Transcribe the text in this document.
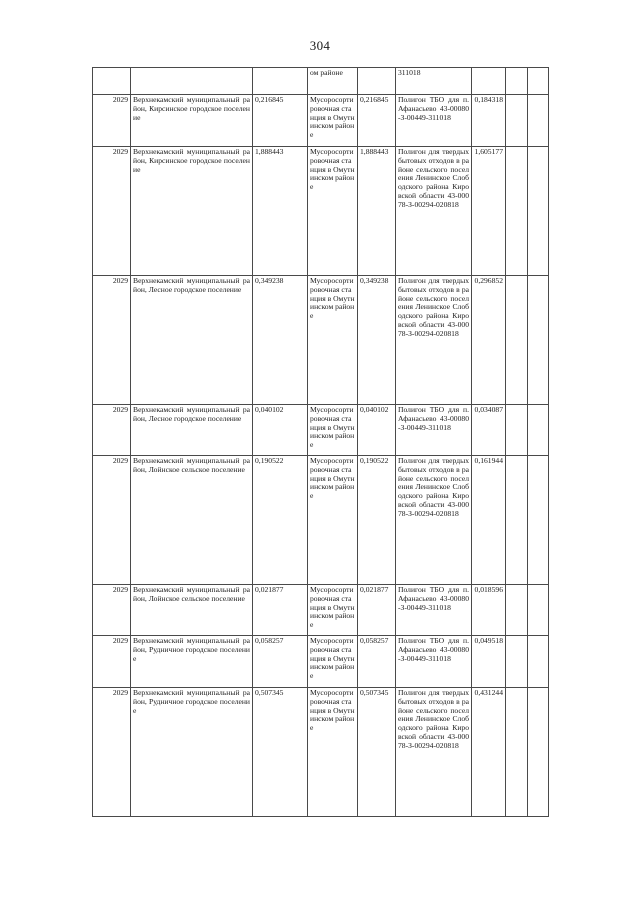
304
			ом районе		311018			
2029	Верхнекамский муниципальный район, Кирсинское городское поселение	0,216845	Мусоросортировочная станция в Омутнинском районе	0,216845	Полигон ТБО для п. Афанасьево 43-00080-З-00449-311018	0,184318		
2029	Верхнекамский муниципальный район, Кирсинское городское поселение	1,888443	Мусоросортировочная станция в Омутнинском районе	1,888443	Полигон для твердых бытовых отходов в районе сельского поселения Ленинское Слободского района Кировской области 43-00078-З-00294-020818	1,605177		
2029	Верхнекамский муниципальный район, Лесное городское поселение	0,349238	Мусоросортировочная станция в Омутнинском районе	0,349238	Полигон для твердых бытовых отходов в районе сельского поселения Ленинское Слободского района Кировской области 43-00078-З-00294-020818	0,296852		
2029	Верхнекамский муниципальный район, Лесное городское поселение	0,040102	Мусоросортировочная станция в Омутнинском районе	0,040102	Полигон ТБО для п. Афанасьево 43-00080-З-00449-311018	0,034087		
2029	Верхнекамский муниципальный район, Лойнское сельское поселение	0,190522	Мусоросортировочная станция в Омутнинском районе	0,190522	Полигон для твердых бытовых отходов в районе сельского поселения Ленинское Слободского района Кировской области 43-00078-З-00294-020818	0,161944		
2029	Верхнекамский муниципальный район, Лойнское сельское поселение	0,021877	Мусоросортировочная станция в Омутнинском районе	0,021877	Полигон ТБО для п. Афанасьево 43-00080-З-00449-311018	0,018596		
2029	Верхнекамский муниципальный район, Рудничное городское поселение	0,058257	Мусоросортировочная станция в Омутнинском районе	0,058257	Полигон ТБО для п. Афанасьево 43-00080-З-00449-311018	0,049518		
2029	Верхнекамский муниципальный район, Рудничное городское поселение	0,507345	Мусоросортировочная станция в Омутнинском районе	0,507345	Полигон для твердых бытовых отходов в районе сельского поселения Ленинское Слободского района Кировской области 43-00078-З-00294-020818	0,431244		
